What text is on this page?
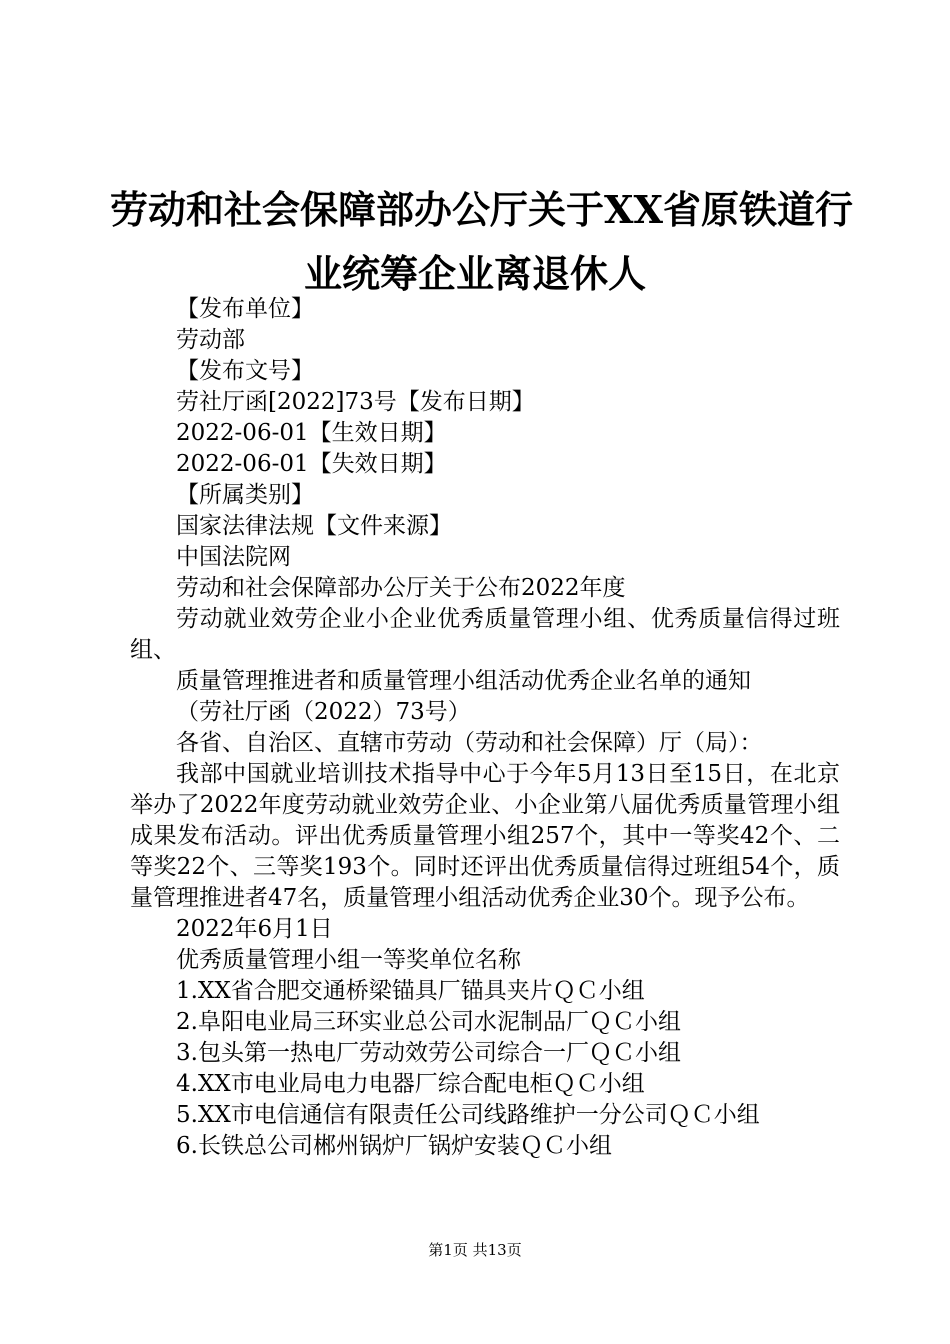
劳动和社会保障部办公厅关于XX省原铁道行
业统筹企业离退休人
【发布单位】
劳动部
【发布文号】
劳社厅函[2022]73号【发布日期】
2022-06-01【生效日期】
2022-06-01【失效日期】
【所属类别】
国家法律法规【文件来源】
中国法院网
劳动和社会保障部办公厅关于公布2022年度
劳动就业效劳企业小企业优秀质量管理小组、优秀质量信得过班组、
质量管理推进者和质量管理小组活动优秀企业名单的通知
（劳社厅函（2022）73号）
各省、自治区、直辖市劳动（劳动和社会保障）厅（局）：
我部中国就业培训技术指导中心于今年5月13日至15日，在北京举办了2022年度劳动就业效劳企业、小企业第八届优秀质量管理小组成果发布活动。评出优秀质量管理小组257个，其中一等奖42个、二等奖22个、三等奖193个。同时还评出优秀质量信得过班组54个，质量管理推进者47名，质量管理小组活动优秀企业30个。现予公布。
2022年6月1日
优秀质量管理小组一等奖单位名称
1.XX省合肥交通桥梁锚具厂锚具夹片ＱＣ小组
2.阜阳电业局三环实业总公司水泥制品厂ＱＣ小组
3.包头第一热电厂劳动效劳公司综合一厂ＱＣ小组
4.XX市电业局电力电器厂综合配电柜ＱＣ小组
5.XX市电信通信有限责任公司线路维护一分公司ＱＣ小组
6.长铁总公司郴州锅炉厂锅炉安装ＱＣ小组
第1页 共13页
